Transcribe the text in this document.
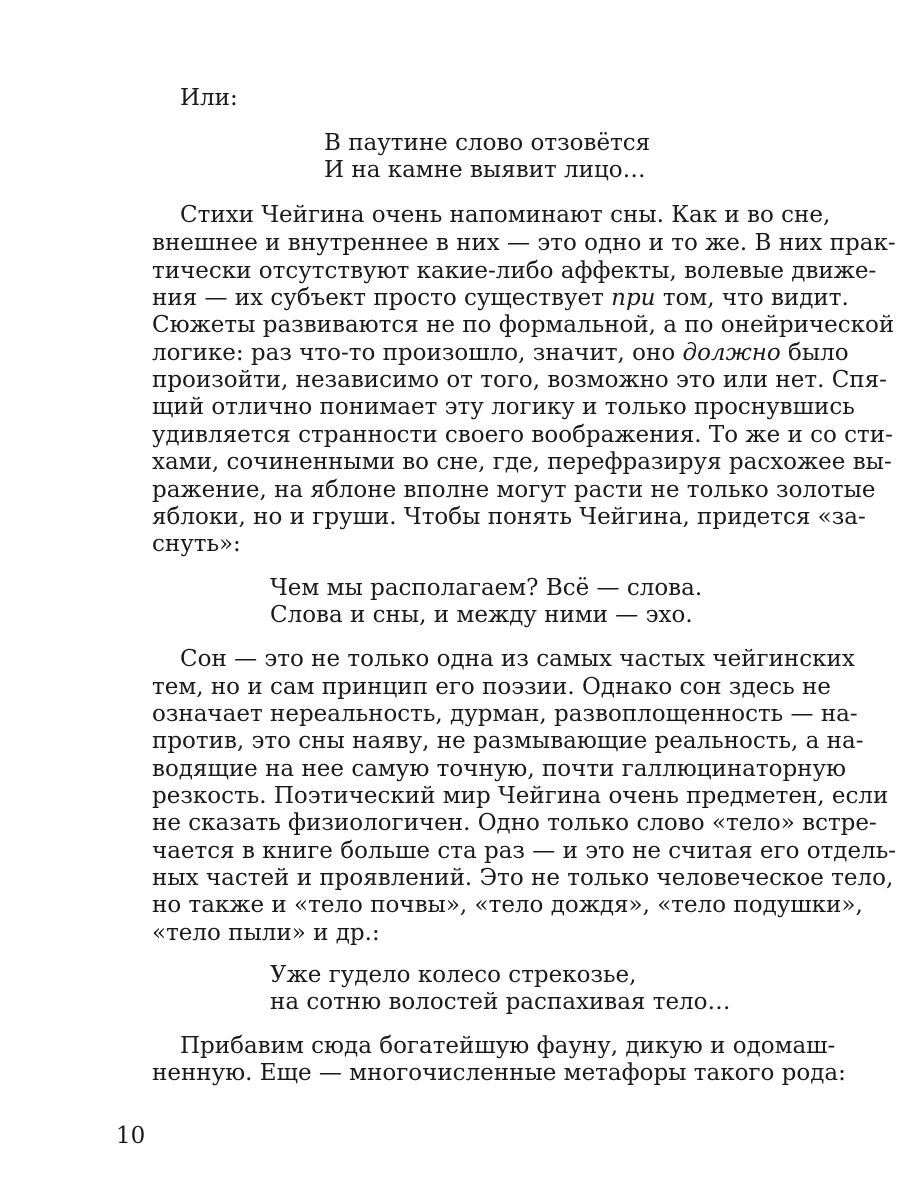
Или:

В паутине слово отзовётся

И на камне выявит лицо…

Стихи Чейгина очень напоминают сны. Как и во сне,

внешнее и внутреннее в них — это одно и то же. В них прак-

тически отсутствуют какие-либо аффекты, волевые движе-

ния — их субъект просто существует при том, что видит.

Сюжеты развиваются не по формальной, а по онейрической

логике: раз что-то произошло, значит, оно должно было

произойти, независимо от того, возможно это или нет. Спя-

щий отлично понимает эту логику и только проснувшись

удивляется странности своего воображения. То же и со сти-

хами, сочиненными во сне, где, перефразируя расхожее вы-

ражение, на яблоне вполне могут расти не только золотые

яблоки, но и груши. Чтобы понять Чейгина, придется «за-

снуть»:

Чем мы располагаем? Всё — слова.

Слова и сны, и между ними — эхо.

Сон — это не только одна из самых частых чейгинских

тем, но и сам принцип его поэзии. Однако сон здесь не

означает нереальность, дурман, развоплощенность — на-

против, это сны наяву, не размывающие реальность, а на-

водящие на нее самую точную, почти галлюцинаторную

резкость. Поэтический мир Чейгина очень предметен, если

не сказать физиологичен. Одно только слово «тело» встре-

чается в книге больше ста раз — и это не считая его отдель-

ных частей и проявлений. Это не только человеческое тело,

но также и «тело почвы», «тело дождя», «тело подушки»,

«тело пыли» и др.:

Уже гудело колесо стрекозье,

на сотню волостей распахивая тело…

Прибавим сюда богатейшую фауну, дикую и одомаш-

ненную. Еще — многочисленные метафоры такого рода:

10
